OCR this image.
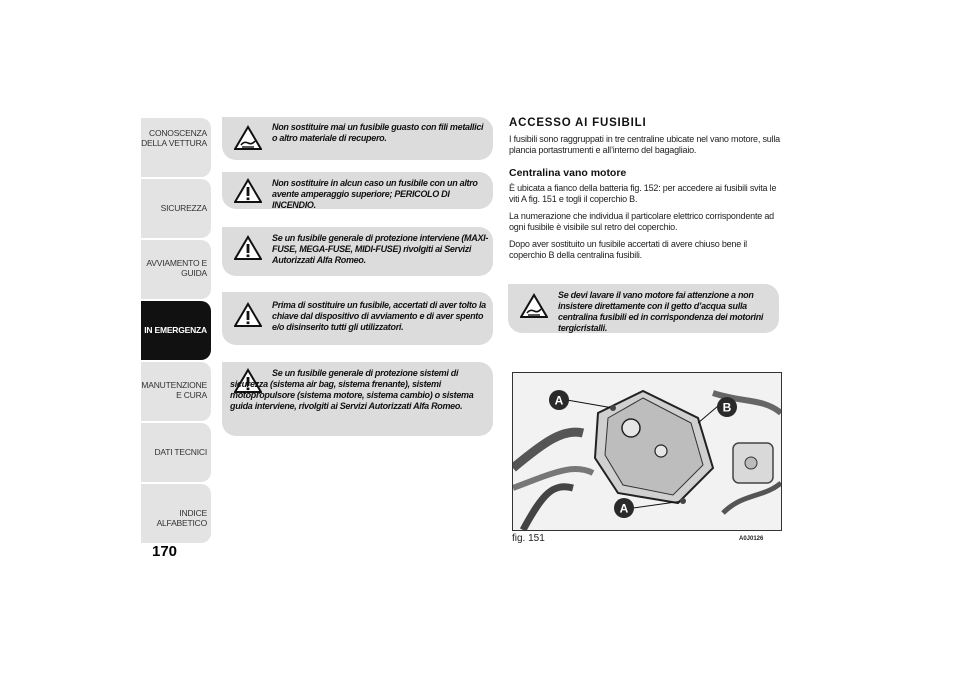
CONOSCENZA DELLA VETTURA
SICUREZZA
AVVIAMENTO E GUIDA
IN EMERGENZA
MANUTENZIONE E CURA
DATI TECNICI
INDICE ALFABETICO
170
Non sostituire mai un fusibile guasto con fili metallici o altro materiale di recupero.
Non sostituire in alcun caso un fusibile con un altro avente amperaggio superiore; PERICOLO DI INCENDIO.
Se un fusibile generale di protezione interviene (MAXI-FUSE, MEGA-FUSE, MIDI-FUSE) rivolgiti ai Servizi Autorizzati Alfa Romeo.
Prima di sostituire un fusibile, accertati di aver tolto la chiave dal dispositivo di avviamento e di aver spento e/o disinserito tutti gli utilizzatori.
Se un fusibile generale di protezione sistemi di sicurezza (sistema air bag, sistema frenante), sistemi motopropulsore (sistema motore, sistema cambio) o sistema guida interviene, rivolgiti ai Servizi Autorizzati Alfa Romeo.
ACCESSO AI FUSIBILI
I fusibili sono raggruppati in tre centraline ubicate nel vano motore, sulla plancia portastrumenti e all’interno del bagagliaio.
Centralina vano motore
È ubicata a fianco della batteria fig. 152: per accedere ai fusibili svita le viti A fig. 151 e togli il coperchio B.
La numerazione che individua il particolare elettrico corrispondente ad ogni fusibile è visibile sul retro del coperchio.
Dopo aver sostituito un fusibile accertati di avere chiuso bene il coperchio B della centralina fusibili.
Se devi lavare il vano motore fai attenzione a non insistere direttamente con il getto d’acqua sulla centralina fusibili ed in corrispondenza dei motorini tergicristalli.
A	B
A
fig. 151	A0J0126
